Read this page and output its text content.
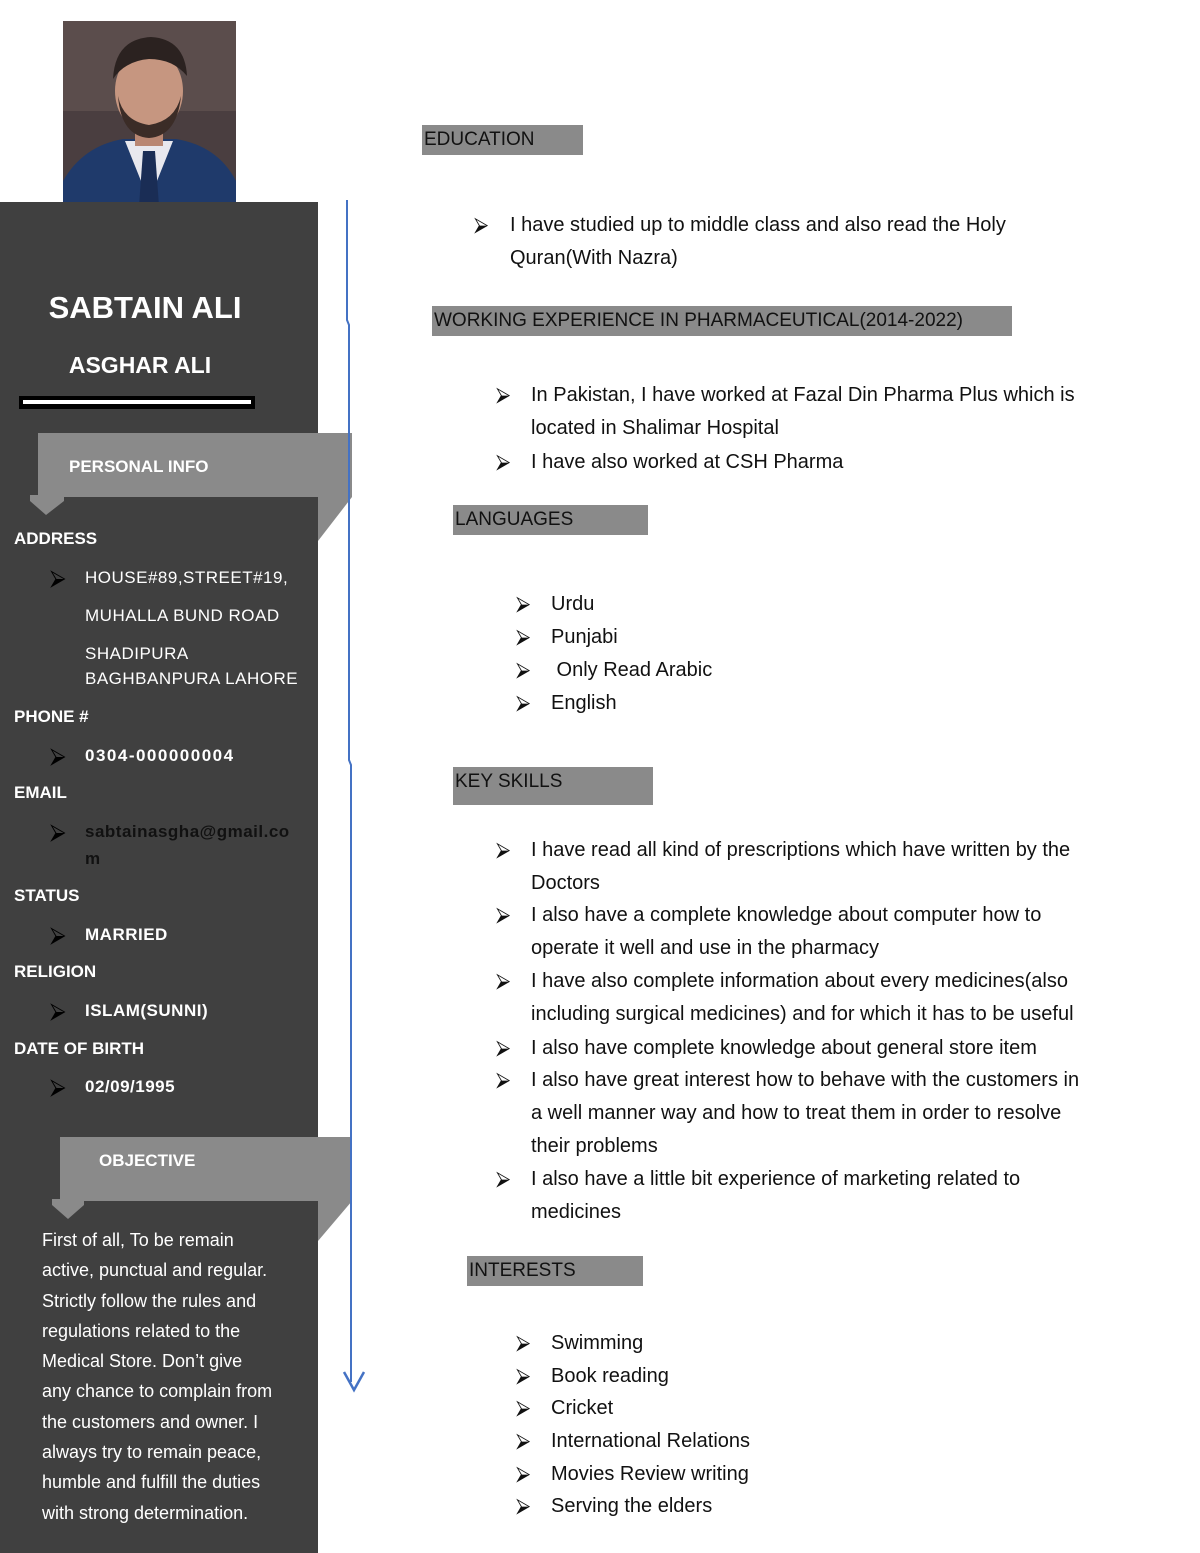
SABTAIN ALI
ASGHAR ALI
PERSONAL INFO
ADDRESS
⮚ HOUSE#89,STREET#19,
MUHALLA BUND ROAD
SHADIPURA
BAGHBANPURA LAHORE
PHONE #
⮚ 0304-000000004
EMAIL
⮚ sabtainasgha@gmail.co
m
STATUS
⮚ MARRIED
RELIGION
⮚ ISLAM(SUNNI)
DATE OF BIRTH
⮚ 02/09/1995
OBJECTIVE
First of all, To be remain
active, punctual and regular.
Strictly follow the rules and
regulations related to the
Medical Store. Don’t give
any chance to complain from
the customers and owner. I
always try to remain peace,
humble and fulfill the duties
with strong determination.
EDUCATION
⮚ I have studied up to middle class and also read the Holy
Quran(With Nazra)
WORKING EXPERIENCE IN PHARMACEUTICAL(2014-2022)
⮚ In Pakistan, I have worked at Fazal Din Pharma Plus which is
located in Shalimar Hospital
⮚ I have also worked at CSH Pharma
LANGUAGES
⮚ Urdu
⮚ Punjabi
⮚ Only Read Arabic
⮚ English
KEY SKILLS
⮚ I have read all kind of prescriptions which have written by the
Doctors
⮚ I also have a complete knowledge about computer how to
operate it well and use in the pharmacy
⮚ I have also complete information about every medicines(also
including surgical medicines) and for which it has to be useful
⮚ I also have complete knowledge about general store item
⮚ I also have great interest how to behave with the customers in
a well manner way and how to treat them in order to resolve
their problems
⮚ I also have a little bit experience of marketing related to
medicines
INTERESTS
⮚ Swimming
⮚ Book reading
⮚ Cricket
⮚ International Relations
⮚ Movies Review writing
⮚ Serving the elders
